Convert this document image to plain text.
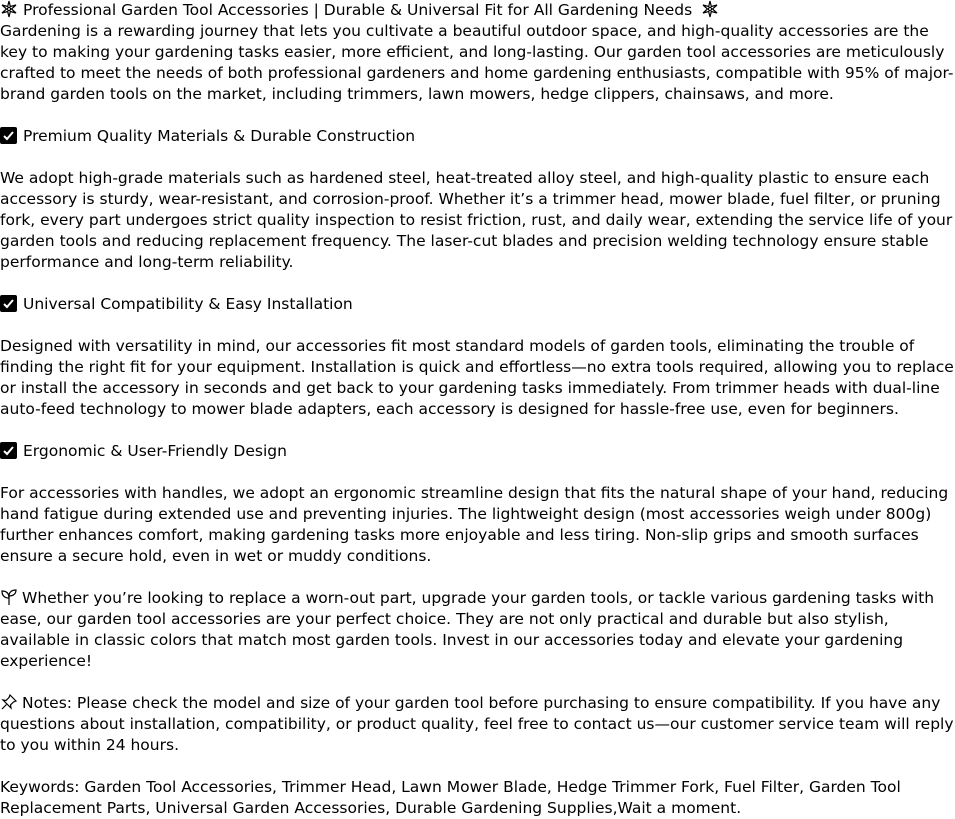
Professional Garden Tool Accessories | Durable & Universal Fit for All Gardening Needs

Gardening is a rewarding journey that lets you cultivate a beautiful outdoor space, and high-quality accessories are the key to making your gardening tasks easier, more efficient, and long-lasting. Our garden tool accessories are meticulously crafted to meet the needs of both professional gardeners and home gardening enthusiasts, compatible with 95% of major-brand garden tools on the market, including trimmers, lawn mowers, hedge clippers, chainsaws, and more.

Premium Quality Materials & Durable Construction

We adopt high-grade materials such as hardened steel, heat-treated alloy steel, and high-quality plastic to ensure each accessory is sturdy, wear-resistant, and corrosion-proof. Whether it’s a trimmer head, mower blade, fuel filter, or pruning fork, every part undergoes strict quality inspection to resist friction, rust, and daily wear, extending the service life of your garden tools and reducing replacement frequency. The laser-cut blades and precision welding technology ensure stable performance and long-term reliability.

Universal Compatibility & Easy Installation

Designed with versatility in mind, our accessories fit most standard models of garden tools, eliminating the trouble of finding the right fit for your equipment. Installation is quick and effortless—no extra tools required, allowing you to replace or install the accessory in seconds and get back to your gardening tasks immediately. From trimmer heads with dual-line auto-feed technology to mower blade adapters, each accessory is designed for hassle-free use, even for beginners.

Ergonomic & User-Friendly Design

For accessories with handles, we adopt an ergonomic streamline design that fits the natural shape of your hand, reducing hand fatigue during extended use and preventing injuries. The lightweight design (most accessories weigh under 800g) further enhances comfort, making gardening tasks more enjoyable and less tiring. Non-slip grips and smooth surfaces ensure a secure hold, even in wet or muddy conditions.

Whether you’re looking to replace a worn-out part, upgrade your garden tools, or tackle various gardening tasks with ease, our garden tool accessories are your perfect choice. They are not only practical and durable but also stylish, available in classic colors that match most garden tools. Invest in our accessories today and elevate your gardening experience!

Notes: Please check the model and size of your garden tool before purchasing to ensure compatibility. If you have any questions about installation, compatibility, or product quality, feel free to contact us—our customer service team will reply to you within 24 hours.

Keywords: Garden Tool Accessories, Trimmer Head, Lawn Mower Blade, Hedge Trimmer Fork, Fuel Filter, Garden Tool Replacement Parts, Universal Garden Accessories, Durable Gardening Supplies,Wait a moment.
